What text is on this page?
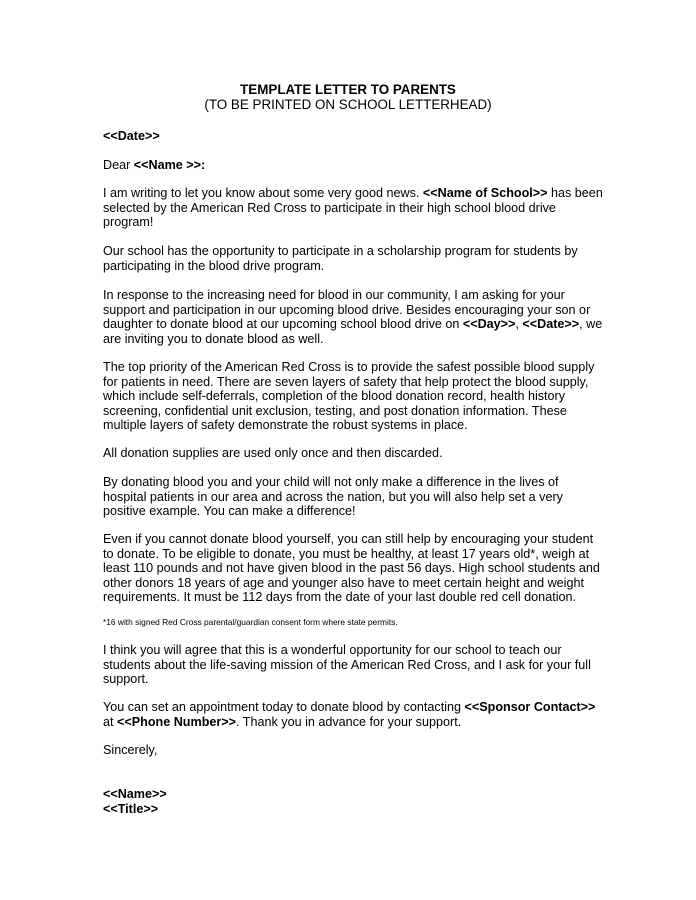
TEMPLATE LETTER TO PARENTS
(TO BE PRINTED ON SCHOOL LETTERHEAD)
<<Date>>
Dear <<Name >>:
I am writing to let you know about some very good news. <<Name of School>> has been selected by the American Red Cross to participate in their high school blood drive program!
Our school has the opportunity to participate in a scholarship program for students by participating in the blood drive program.
In response to the increasing need for blood in our community, I am asking for your support and participation in our upcoming blood drive. Besides encouraging your son or daughter to donate blood at our upcoming school blood drive on <<Day>>, <<Date>>, we are inviting you to donate blood as well.
The top priority of the American Red Cross is to provide the safest possible blood supply for patients in need. There are seven layers of safety that help protect the blood supply, which include self-deferrals, completion of the blood donation record, health history screening, confidential unit exclusion, testing, and post donation information. These multiple layers of safety demonstrate the robust systems in place.
All donation supplies are used only once and then discarded.
By donating blood you and your child will not only make a difference in the lives of hospital patients in our area and across the nation, but you will also help set a very positive example. You can make a difference!
Even if you cannot donate blood yourself, you can still help by encouraging your student to donate. To be eligible to donate, you must be healthy, at least 17 years old*, weigh at least 110 pounds and not have given blood in the past 56 days. High school students and other donors 18 years of age and younger also have to meet certain height and weight requirements. It must be 112 days from the date of your last double red cell donation.
*16 with signed Red Cross parental/guardian consent form where state permits.
I think you will agree that this is a wonderful opportunity for our school to teach our students about the life-saving mission of the American Red Cross, and I ask for your full support.
You can set an appointment today to donate blood by contacting <<Sponsor Contact>>
at <<Phone Number>>. Thank you in advance for your support.
Sincerely,
<<Name>>
<<Title>>
